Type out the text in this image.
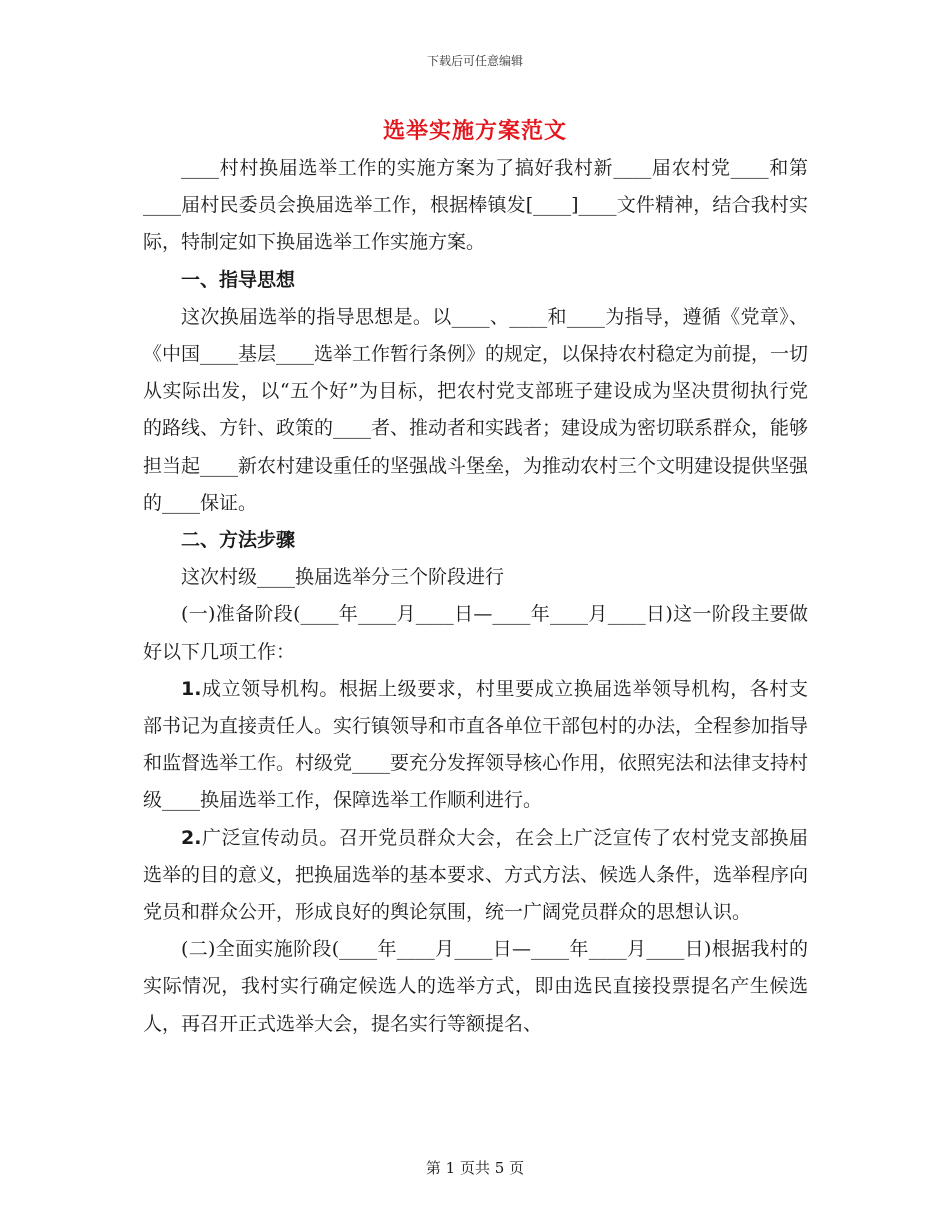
下载后可任意编辑
选举实施方案范文

____村村换届选举工作的实施方案为了搞好我村新____届农村党____和第____届村民委员会换届选举工作，根据棒镇发[____]____文件精神，结合我村实际，特制定如下换届选举工作实施方案。

一、指导思想

这次换届选举的指导思想是。以____、____和____为指导，遵循《党章》、《中国____基层____选举工作暂行条例》的规定，以保持农村稳定为前提，一切从实际出发，以“五个好”为目标，把农村党支部班子建设成为坚决贯彻执行党的路线、方针、政策的____者、推动者和实践者；建设成为密切联系群众，能够担当起____新农村建设重任的坚强战斗堡垒，为推动农村三个文明建设提供坚强的____保证。

二、方法步骤

这次村级____换届选举分三个阶段进行

(一)准备阶段(____年____月____日—____年____月____日)这一阶段主要做好以下几项工作：

1.成立领导机构。根据上级要求，村里要成立换届选举领导机构，各村支部书记为直接责任人。实行镇领导和市直各单位干部包村的办法，全程参加指导和监督选举工作。村级党____要充分发挥领导核心作用，依照宪法和法律支持村级____换届选举工作，保障选举工作顺利进行。

2.广泛宣传动员。召开党员群众大会，在会上广泛宣传了农村党支部换届选举的目的意义，把换届选举的基本要求、方式方法、候选人条件，选举程序向党员和群众公开，形成良好的舆论氛围，统一广阔党员群众的思想认识。

(二)全面实施阶段(____年____月____日—____年____月____日)根据我村的实际情况，我村实行确定候选人的选举方式，即由选民直接投票提名产生候选人，再召开正式选举大会，提名实行等额提名、

第 1 页共 5 页
